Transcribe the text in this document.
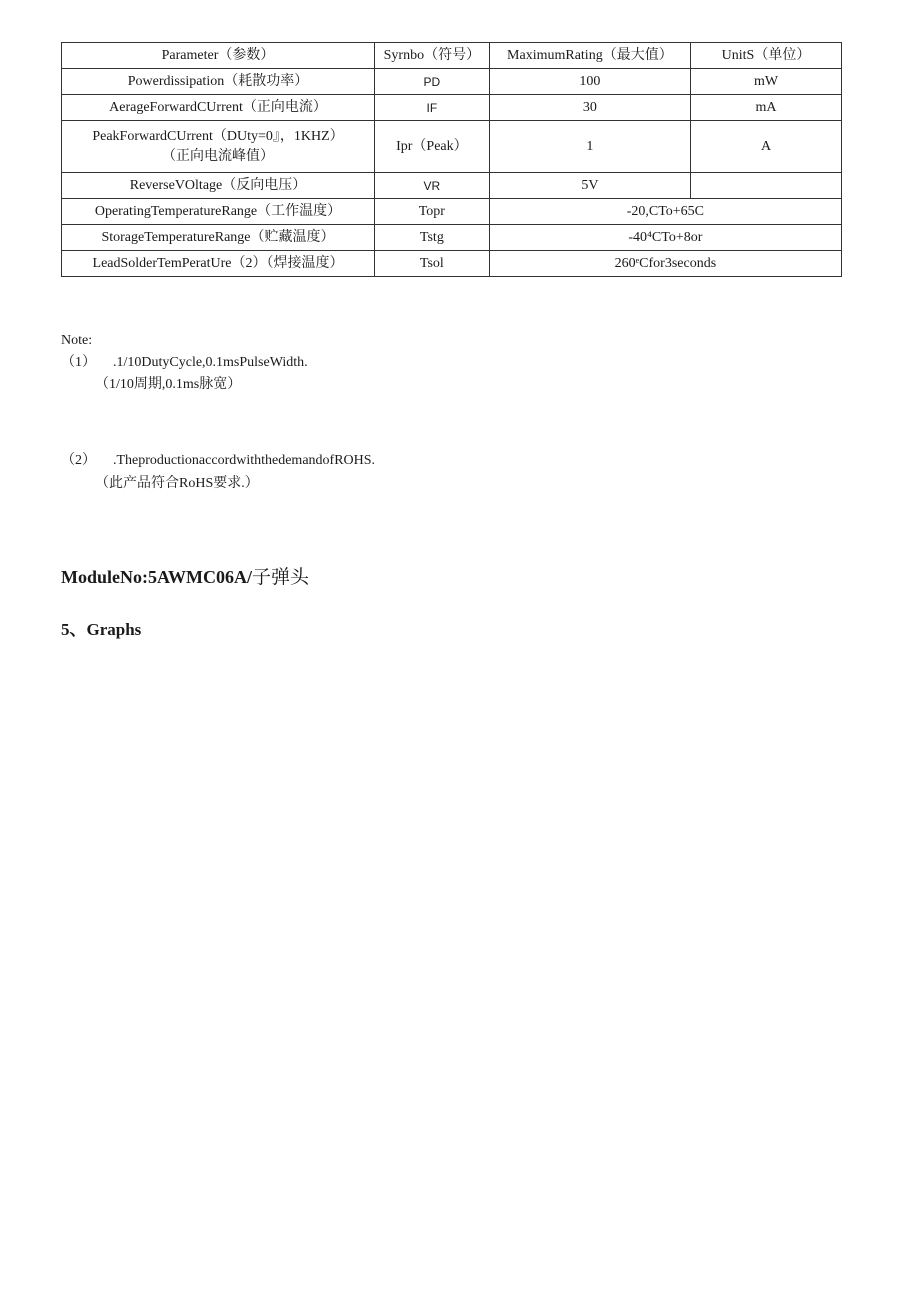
Parameter（参数）	Syrnbo（符号）	MaximumRating（最大值）	UnitS（单位）
Powerdissipation（耗散功率）	PD	100	mW
AerageForwardCUrrent（正向电流）	IF	30	mA
PeakForwardCUrrent（DUty=0』，1KHZ）
（正向电流峰值）	Ipr（Peak）	1	A
ReverseVOltage（反向电压）	VR	5V	
OperatingTemperatureRange（工作温度）	Topr	-20,CTo+65C	
StorageTemperatureRange（贮藏温度）	Tstg	-40⁴CTo+8or	
LeadSolderTemPeratUre（2）（焊接温度）	Tsol	260ᵉCfor3seconds	
Note:
（1） .1/10DutyCycle,0.1msPulseWidth.
（1/10周期,0.1ms脉宽）
（2） .TheproductionaccordwiththedemandofROHS.
（此产品符合RoHS要求.）
ModuleNo:5AWMC06A/子弹头
5、Graphs
